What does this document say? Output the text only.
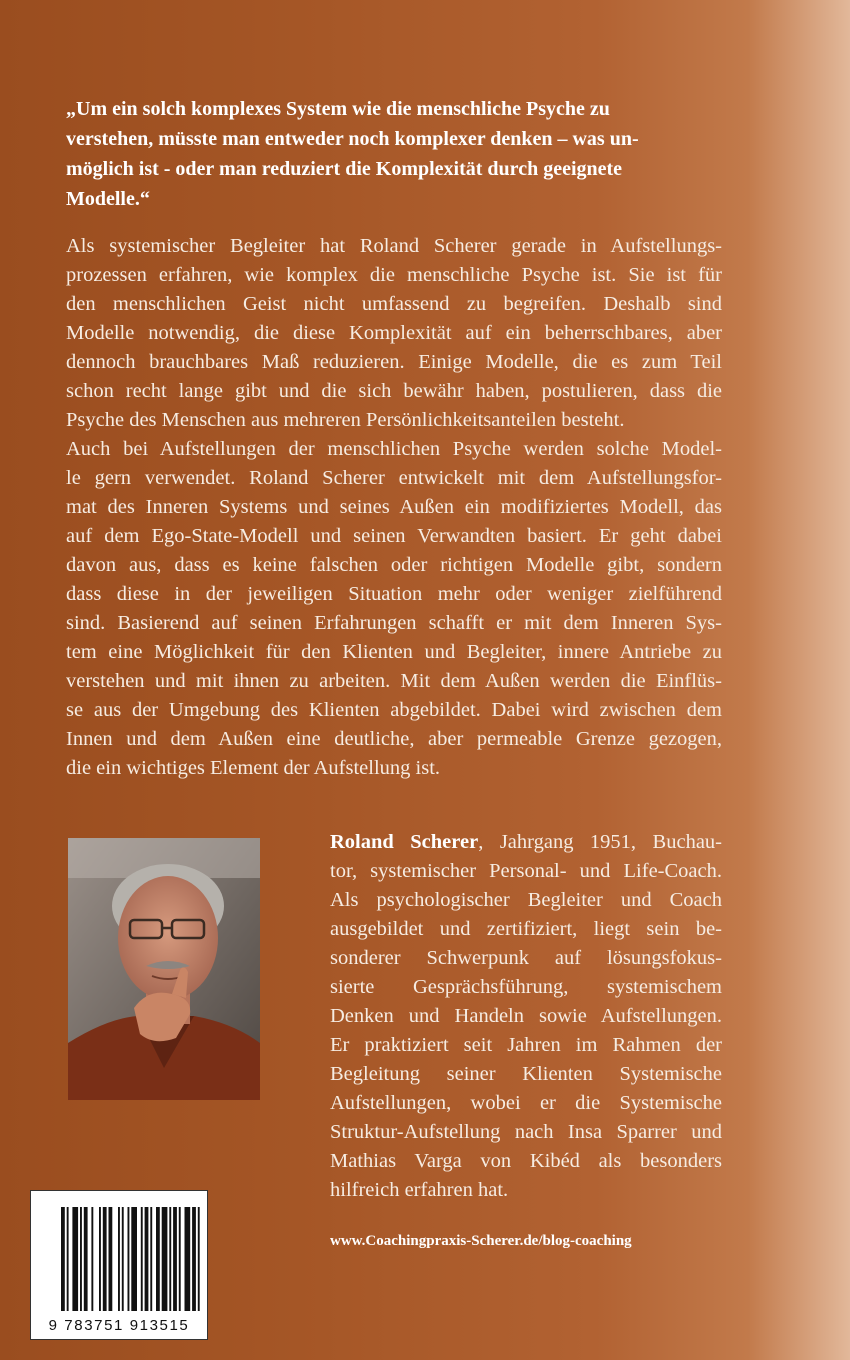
„Um ein solch komplexes System wie die menschliche Psyche zu
verstehen, müsste man entweder noch komplexer denken – was un-
möglich ist - oder man reduziert die Komplexität durch geeignete
Modelle.“
Als systemischer Begleiter hat Roland Scherer gerade in Aufstellungs-
prozessen erfahren, wie komplex die menschliche Psyche ist. Sie ist für
den menschlichen Geist nicht umfassend zu begreifen. Deshalb sind
Modelle notwendig, die diese Komplexität auf ein beherrschbares, aber
dennoch brauchbares Maß reduzieren. Einige Modelle, die es zum Teil
schon recht lange gibt und die sich bewähr haben, postulieren, dass die
Psyche des Menschen aus mehreren Persönlichkeitsanteilen besteht.
Auch bei Aufstellungen der menschlichen Psyche werden solche Model-
le gern verwendet. Roland Scherer entwickelt mit dem Aufstellungsfor-
mat des Inneren Systems und seines Außen ein modifiziertes Modell, das
auf dem Ego-State-Modell und seinen Verwandten basiert. Er geht dabei
davon aus, dass es keine falschen oder richtigen Modelle gibt, sondern
dass diese in der jeweiligen Situation mehr oder weniger zielführend
sind. Basierend auf seinen Erfahrungen schafft er mit dem Inneren Sys-
tem eine Möglichkeit für den Klienten und Begleiter, innere Antriebe zu
verstehen und mit ihnen zu arbeiten. Mit dem Außen werden die Einflüs-
se aus der Umgebung des Klienten abgebildet. Dabei wird zwischen dem
Innen und dem Außen eine deutliche, aber permeable Grenze gezogen,
die ein wichtiges Element der Aufstellung ist.
Roland Scherer, Jahrgang 1951, Buchau-
tor, systemischer Personal- und Life-Coach.
Als psychologischer Begleiter und Coach
ausgebildet und zertifiziert, liegt sein be-
sonderer Schwerpunk auf lösungsfokus-
sierte Gesprächsführung, systemischem
Denken und Handeln sowie Aufstellungen.
Er praktiziert seit Jahren im Rahmen der
Begleitung seiner Klienten Systemische
Aufstellungen, wobei er die Systemische
Struktur-Aufstellung nach Insa Sparrer und
Mathias Varga von Kibéd als besonders
hilfreich erfahren hat.
www.Coachingpraxis-Scherer.de/blog-coaching
9 783751 913515
